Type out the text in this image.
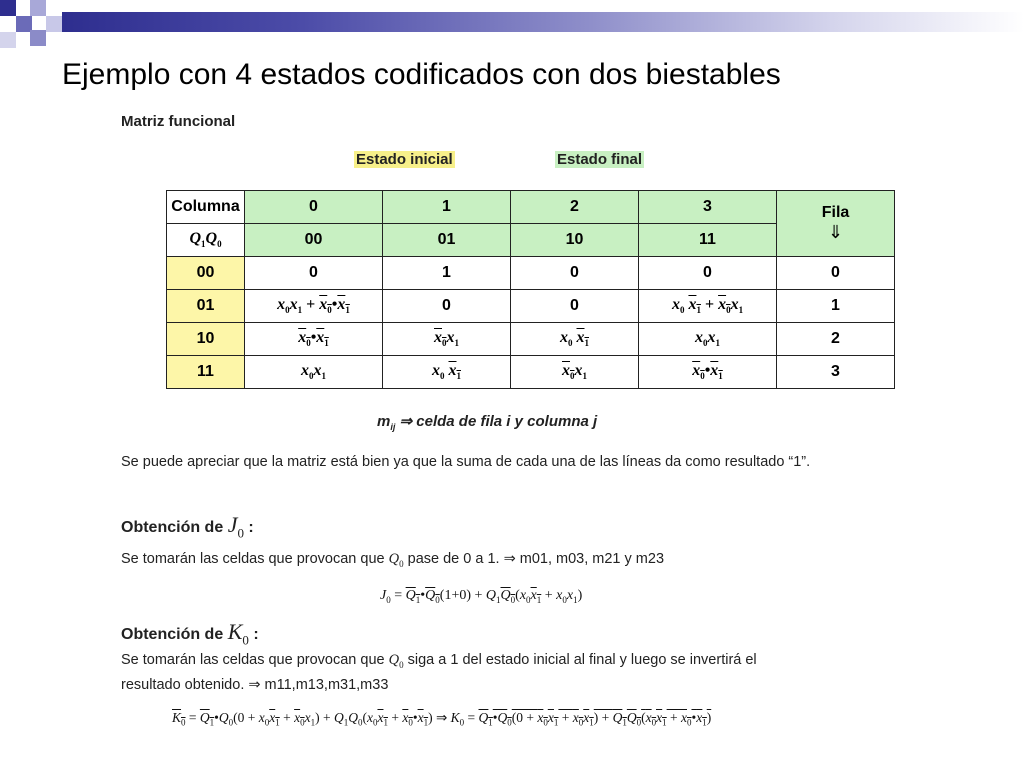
Ejemplo con 4 estados codificados con dos biestables
Matriz funcional
Estado inicial	Estado final
Columna	0	1	2	3	Fila
⇓

$Q_1Q_0$	00	01	10	11	
00	0	1	0	0	0
01	$x_0x_1$ + $x_0•x_1$	0	0	$x_0$ $x_1 + x_0x_1$	1
10	$x_0•x_1$	$x_0x_1$	$x_0$ $x_1$	$x_0x_1$	2
11	$x_0x_1$	$x_0$ $x_1$	$x_0x_1$	$x_0•x_1$	3
$m_{ij}$ ⇒ celda de fila i y columna j
Se puede apreciar que la matriz está bien ya que la suma de cada una de las líneas da como resultado “1”.
Obtención de $J_0$ :
Se tomarán las celdas que provocan que $Q_0$ pase de 0 a 1. ⇒ m01, m03, m21 y m23
$J_0$ = $Q_1•Q_0(1+0) + Q_1Q_0(x_0x_1 + x_0x_1)$
Obtención de $K_0$ :
Se tomarán las celdas que provocan que $Q_0$ siga a 1 del estado inicial al final y luego se invertirá el
resultado obtenido. ⇒ m11,m13,m31,m33
$K_0$ = $Q_1•Q_0(0 + x_0x_1 + x_0x_1) + Q_1Q_0(x_0x_1$ + $x_0•x_1$) ⇒ $K_0$ = $Q_1•Q_0(0 + x_0x_1 + x_0x_1) + Q_1Q_0(x_0x_1$ + $x_0•x_1$)
